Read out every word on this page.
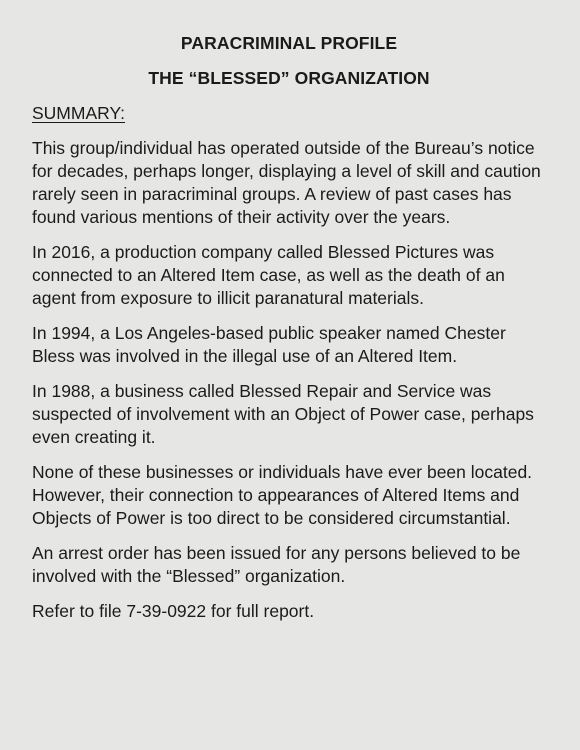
PARACRIMINAL PROFILE
THE “BLESSED” ORGANIZATION

SUMMARY:

This group/individual has operated outside of the Bureau’s notice for decades, perhaps longer, displaying a level of skill and caution rarely seen in paracriminal groups. A review of past cases has found various mentions of their activity over the years.

In 2016, a production company called Blessed Pictures was connected to an Altered Item case, as well as the death of an agent from exposure to illicit paranatural materials.

In 1994, a Los Angeles-based public speaker named Chester Bless was involved in the illegal use of an Altered Item.

In 1988, a business called Blessed Repair and Service was suspected of involvement with an Object of Power case, perhaps even creating it.

None of these businesses or individuals have ever been located. However, their connection to appearances of Altered Items and Objects of Power is too direct to be considered circumstantial.

An arrest order has been issued for any persons believed to be involved with the “Blessed” organization.

Refer to file 7-39-0922 for full report.
